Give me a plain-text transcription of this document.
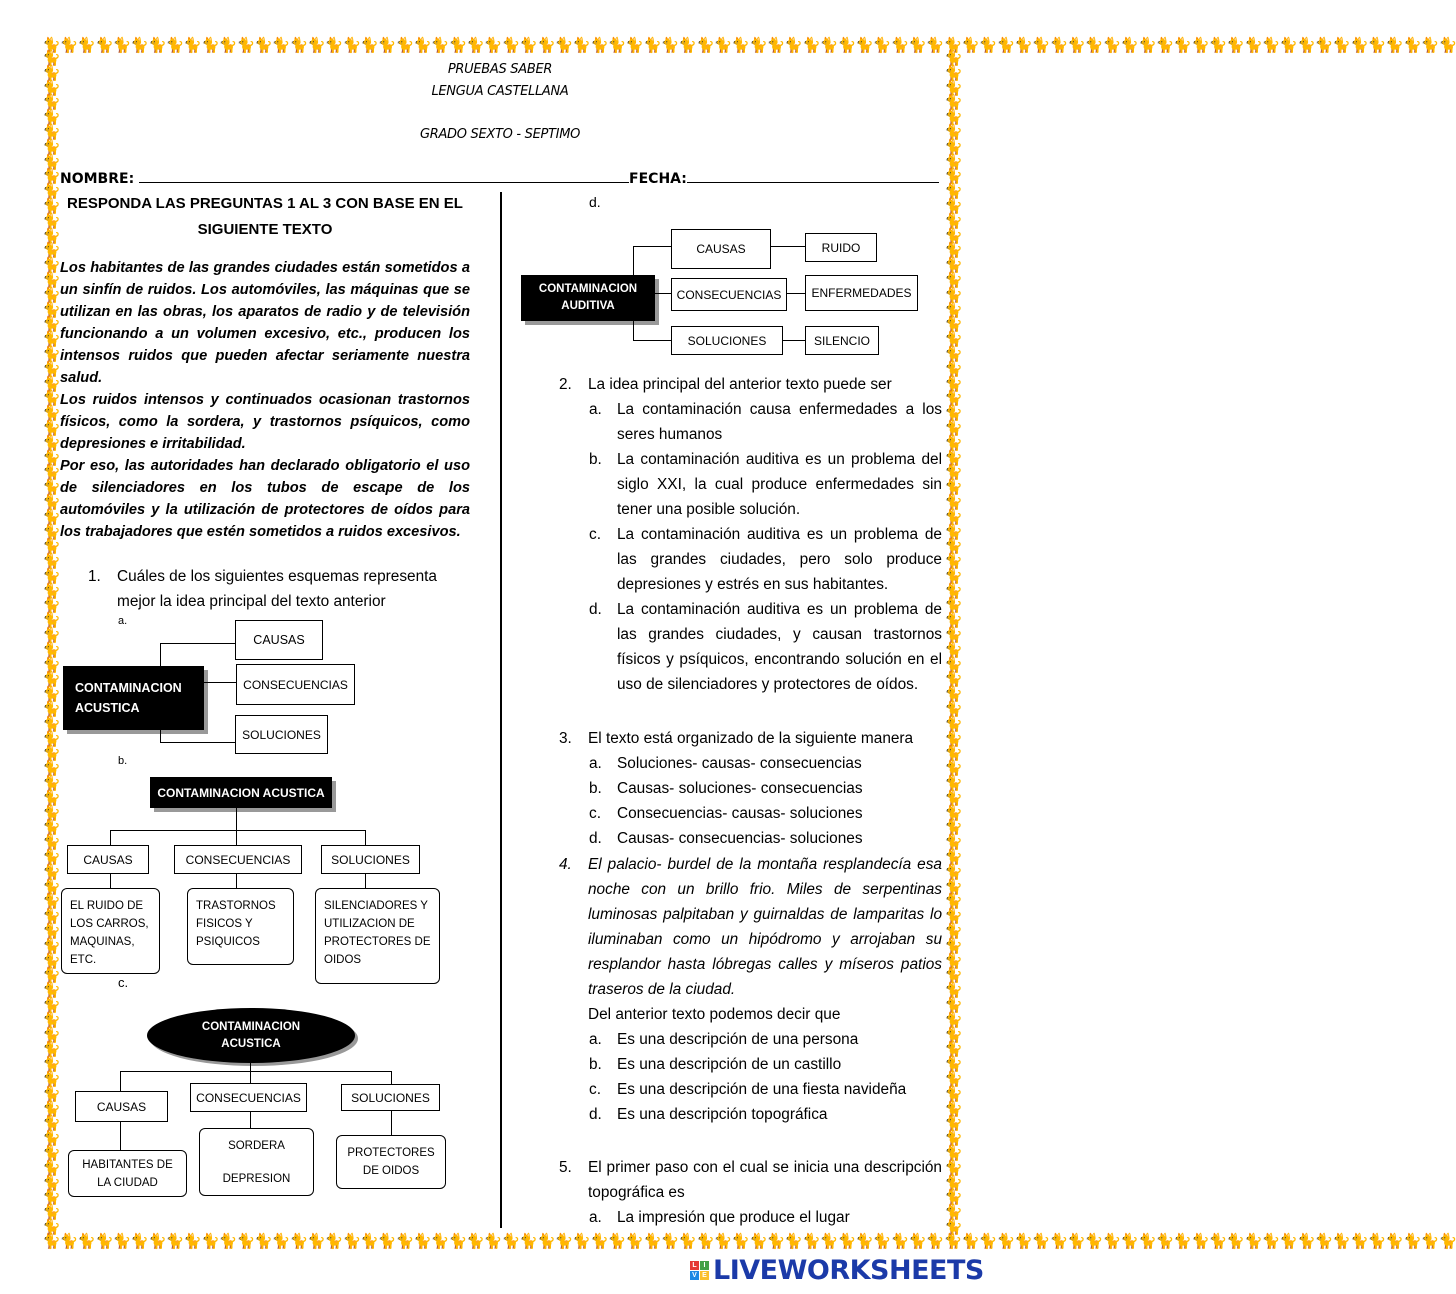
🐈🐈🐈🐈🐈🐈🐈🐈🐈🐈🐈🐈🐈🐈🐈🐈🐈🐈🐈🐈🐈🐈🐈🐈🐈🐈🐈🐈🐈🐈🐈🐈🐈🐈🐈🐈🐈🐈🐈🐈🐈🐈🐈🐈🐈🐈🐈🐈🐈🐈🐈🐈🐈🐈🐈🐈🐈🐈🐈🐈🐈🐈🐈🐈🐈🐈🐈🐈🐈🐈🐈🐈🐈🐈🐈🐈🐈🐈🐈🐈
🐈🐈🐈🐈🐈🐈🐈🐈🐈🐈🐈🐈🐈🐈🐈🐈🐈🐈🐈🐈🐈🐈🐈🐈🐈🐈🐈🐈🐈🐈🐈🐈🐈🐈🐈🐈🐈🐈🐈🐈🐈🐈🐈🐈🐈🐈🐈🐈🐈🐈🐈🐈🐈🐈🐈🐈🐈🐈🐈🐈🐈🐈🐈🐈🐈🐈🐈🐈🐈🐈🐈🐈🐈🐈🐈🐈🐈🐈🐈🐈
🐈
🐈
🐈
🐈
🐈
🐈
🐈
🐈
🐈
🐈
🐈
🐈
🐈
🐈
🐈
🐈
🐈
🐈
🐈
🐈
🐈
🐈
🐈
🐈
🐈
🐈
🐈
🐈
🐈
🐈
🐈
🐈
🐈
🐈
🐈
🐈
🐈
🐈
🐈
🐈
🐈
🐈
🐈
🐈
🐈
🐈
🐈
🐈
🐈
🐈
🐈
🐈
🐈
🐈
🐈
🐈
🐈
🐈
🐈
🐈
🐈
🐈
🐈
🐈
🐈
🐈
🐈
🐈
🐈
🐈
🐈
🐈
🐈
🐈
🐈
🐈
🐈
🐈
🐈
🐈
🐈
🐈
🐈
🐈
🐈
🐈
🐈
🐈
🐈
🐈
🐈
🐈
🐈
🐈
🐈
🐈
🐈
🐈
🐈
🐈
🐈
🐈
🐈
🐈
🐈
🐈
🐈
🐈
🐈
🐈
🐈
🐈
🐈
🐈
🐈
🐈
🐈
🐈
🐈
🐈
🐈
🐈
🐈
🐈
🐈
🐈
🐈
🐈
🐈
🐈
🐈
🐈
🐈
🐈
🐈
🐈
🐈
🐈
🐈
🐈
🐈
🐈
🐈
🐈
🐈
🐈
🐈
🐈
🐈
🐈
🐈
🐈
🐈
🐈
🐈
🐈
🐈
🐈
🐈
🐈
PRUEBAS SABER
LENGUA CASTELLANA
GRADO SEXTO - SEPTIMO
NOMBRE:	FECHA:
RESPONDA LAS PREGUNTAS 1 AL 3 CON BASE EN EL
SIGUIENTE TEXTO

Los habitantes de las grandes ciudades están sometidos a un sinfín de ruidos. Los automóviles, las máquinas que se utilizan en las obras, los aparatos de radio y de televisión funcionando a un volumen excesivo, etc., producen los intensos ruidos que pueden afectar seriamente nuestra salud.

Los ruidos intensos y continuados ocasionan trastornos físicos, como la sordera, y trastornos psíquicos, como depresiones e irritabilidad.

Por eso, las autoridades han declarado obligatorio el uso de silenciadores en los tubos de escape de los automóviles y la utilización de protectores de oídos para los trabajadores que estén sometidos a ruidos excesivos.

1. Cuáles de los siguientes esquemas representa
mejor la idea principal del texto anterior
a.
CONTAMINACION ACUSTICA
CAUSAS
CONSECUENCIAS
SOLUCIONES
b.
CONTAMINACION ACUSTICA
CAUSAS	CONSECUENCIAS	SOLUCIONES
EL RUIDO DE LOS CARROS, MAQUINAS, ETC.
TRASTORNOS FISICOS Y PSIQUICOS
SILENCIADORES Y UTILIZACION DE PROTECTORES DE OIDOS
c.
CONTAMINACION ACUSTICA
CAUSAS
CONSECUENCIAS	SOLUCIONES
HABITANTES DE LA CIUDAD
SORDERA
DEPRESION
PROTECTORES DE OIDOS
d.
CONTAMINACION AUDITIVA
CAUSAS
CONSECUENCIAS
SOLUCIONES
RUIDO
ENFERMEDADES
SILENCIO
2. La idea principal del anterior texto puede ser
a. La contaminación causa enfermedades a los seres humanos
b. La contaminación auditiva es un problema del siglo XXI, la cual produce enfermedades sin tener una posible solución.
c. La contaminación auditiva es un problema de las grandes ciudades, pero solo produce depresiones y estrés en sus habitantes.
d. La contaminación auditiva es un problema de las grandes ciudades, y causan trastornos físicos y psíquicos, encontrando solución en el uso de silenciadores y protectores de oídos.
3. El texto está organizado de la siguiente manera
a. Soluciones- causas- consecuencias
b. Causas- soluciones- consecuencias
c. Consecuencias- causas- soluciones
d. Causas- consecuencias- soluciones
4. El palacio- burdel de la montaña resplandecía esa noche con un brillo frio. Miles de serpentinas luminosas palpitaban y guirnaldas de lamparitas lo iluminaban como un hipódromo y arrojaban su resplandor hasta lóbregas calles y míseros patios traseros de la ciudad.
Del anterior texto podemos decir que
a. Es una descripción de una persona
b. Es una descripción de un castillo
c. Es una descripción de una fiesta navideña
d. Es una descripción topográfica
5. El primer paso con el cual se inicia una descripción topográfica es
a. La impresión que produce el lugar
L I
V E LIVEWORKSHEETS
